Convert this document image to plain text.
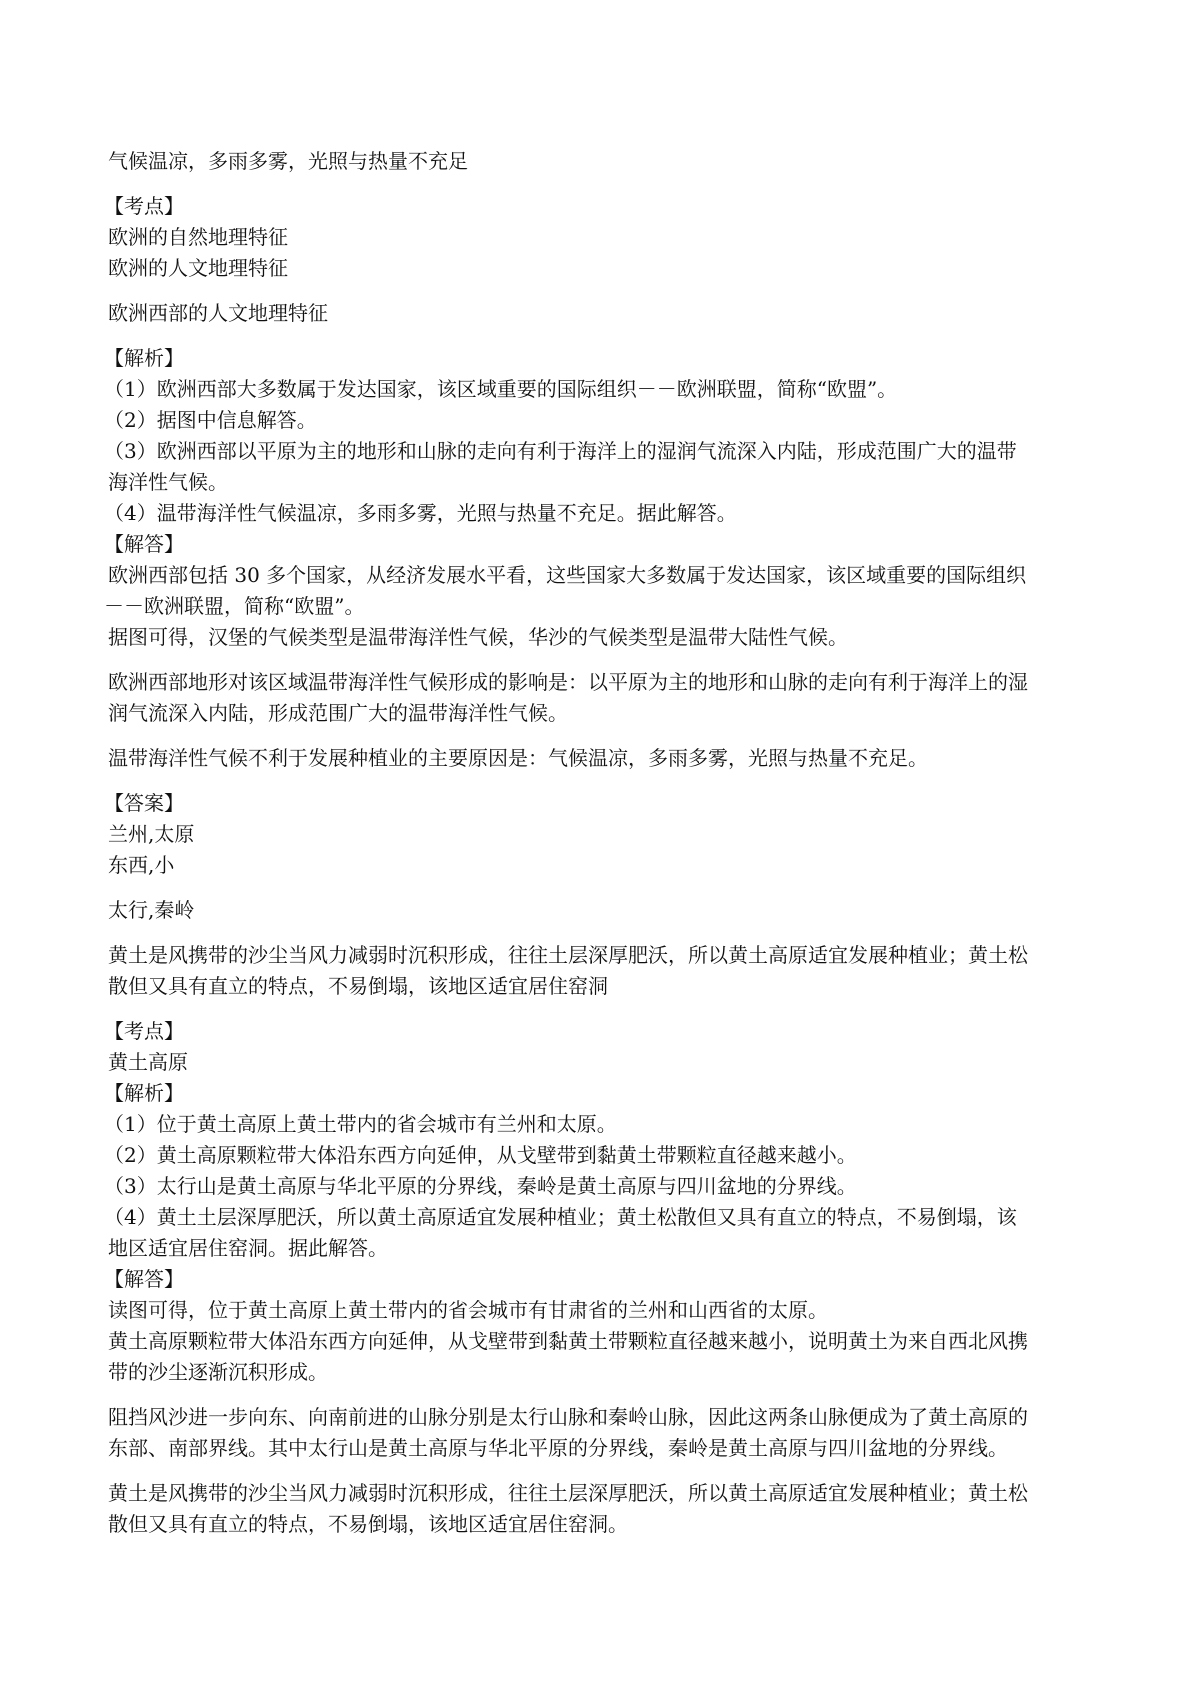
气候温凉，多雨多雾，光照与热量不充足
【考点】
欧洲的自然地理特征
欧洲的人文地理特征
欧洲西部的人文地理特征
【解析】
（1）欧洲西部大多数属于发达国家，该区域重要的国际组织－－欧洲联盟，简称“欧盟”。
（2）据图中信息解答。
（3）欧洲西部以平原为主的地形和山脉的走向有利于海洋上的湿润气流深入内陆，形成范围广大的温带
海洋性气候。
（4）温带海洋性气候温凉，多雨多雾，光照与热量不充足。据此解答。
【解答】
欧洲西部包括 30 多个国家，从经济发展水平看，这些国家大多数属于发达国家，该区域重要的国际组织
－－欧洲联盟，简称“欧盟”。
据图可得，汉堡的气候类型是温带海洋性气候，华沙的气候类型是温带大陆性气候。
欧洲西部地形对该区域温带海洋性气候形成的影响是：以平原为主的地形和山脉的走向有利于海洋上的湿
润气流深入内陆，形成范围广大的温带海洋性气候。
温带海洋性气候不利于发展种植业的主要原因是：气候温凉，多雨多雾，光照与热量不充足。
【答案】
兰州,太原
东西,小
太行,秦岭
黄土是风携带的沙尘当风力减弱时沉积形成，往往土层深厚肥沃，所以黄土高原适宜发展种植业；黄土松
散但又具有直立的特点，不易倒塌，该地区适宜居住窑洞
【考点】
黄土高原
【解析】
（1）位于黄土高原上黄土带内的省会城市有兰州和太原。
（2）黄土高原颗粒带大体沿东西方向延伸，从戈壁带到黏黄土带颗粒直径越来越小。
（3）太行山是黄土高原与华北平原的分界线，秦岭是黄土高原与四川盆地的分界线。
（4）黄土土层深厚肥沃，所以黄土高原适宜发展种植业；黄土松散但又具有直立的特点，不易倒塌，该
地区适宜居住窑洞。据此解答。
【解答】
读图可得，位于黄土高原上黄土带内的省会城市有甘肃省的兰州和山西省的太原。
黄土高原颗粒带大体沿东西方向延伸，从戈壁带到黏黄土带颗粒直径越来越小，说明黄土为来自西北风携
带的沙尘逐渐沉积形成。
阻挡风沙进一步向东、向南前进的山脉分别是太行山脉和秦岭山脉，因此这两条山脉便成为了黄土高原的
东部、南部界线。其中太行山是黄土高原与华北平原的分界线，秦岭是黄土高原与四川盆地的分界线。
黄土是风携带的沙尘当风力减弱时沉积形成，往往土层深厚肥沃，所以黄土高原适宜发展种植业；黄土松
散但又具有直立的特点，不易倒塌，该地区适宜居住窑洞。
